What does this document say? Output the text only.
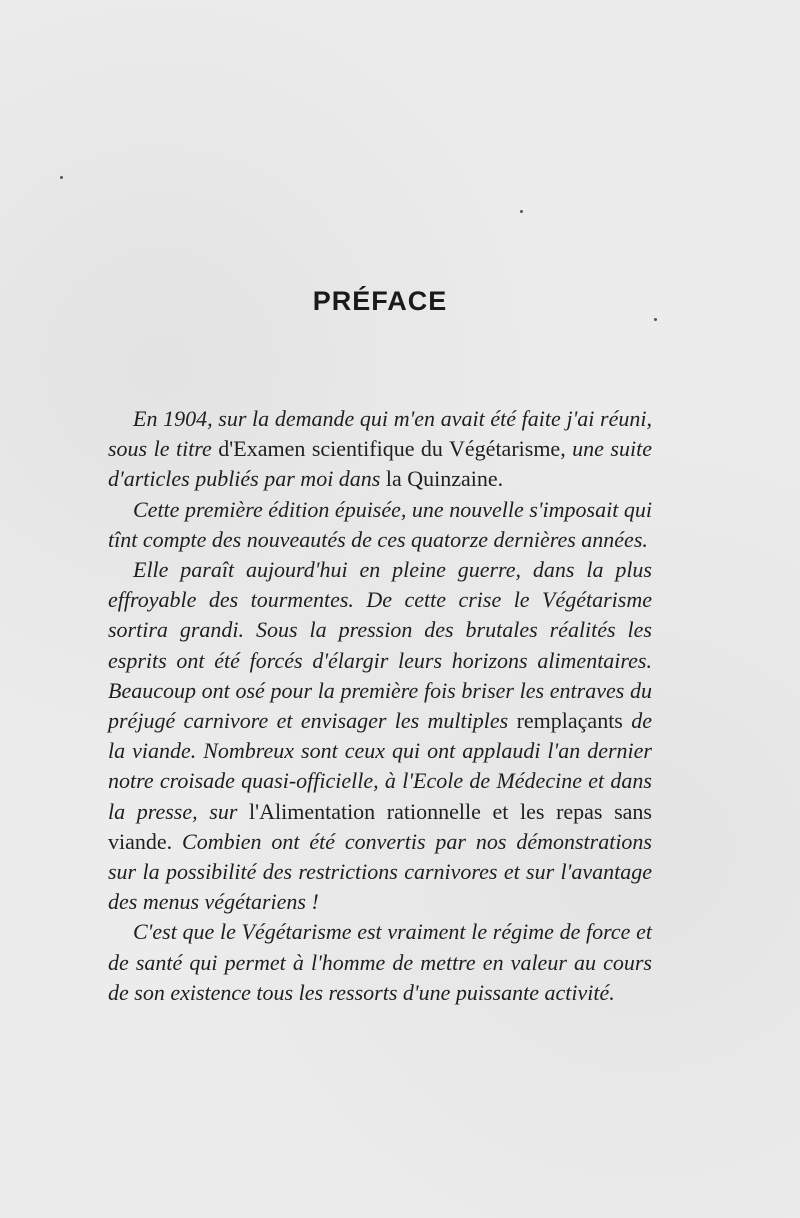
PRÉFACE

En 1904, sur la demande qui m'en avait été faite j'ai réuni, sous le titre d'Examen scientifique du Végétarisme, une suite d'articles publiés par moi dans la Quinzaine.

Cette première édition épuisée, une nouvelle s'imposait qui tînt compte des nouveautés de ces quatorze dernières années.

Elle paraît aujourd'hui en pleine guerre, dans la plus effroyable des tourmentes. De cette crise le Végétarisme sortira grandi. Sous la pression des brutales réalités les esprits ont été forcés d'élargir leurs horizons alimentaires. Beaucoup ont osé pour la première fois briser les entraves du préjugé carnivore et envisager les multiples remplaçants de la viande. Nombreux sont ceux qui ont applaudi l'an dernier notre croisade quasi-officielle, à l'Ecole de Médecine et dans la presse, sur l'Alimentation rationnelle et les repas sans viande. Combien ont été convertis par nos démonstrations sur la possibilité des restrictions carnivores et sur l'avantage des menus végétariens !

C'est que le Végétarisme est vraiment le régime de force et de santé qui permet à l'homme de mettre en valeur au cours de son existence tous les ressorts d'une puissante activité.
